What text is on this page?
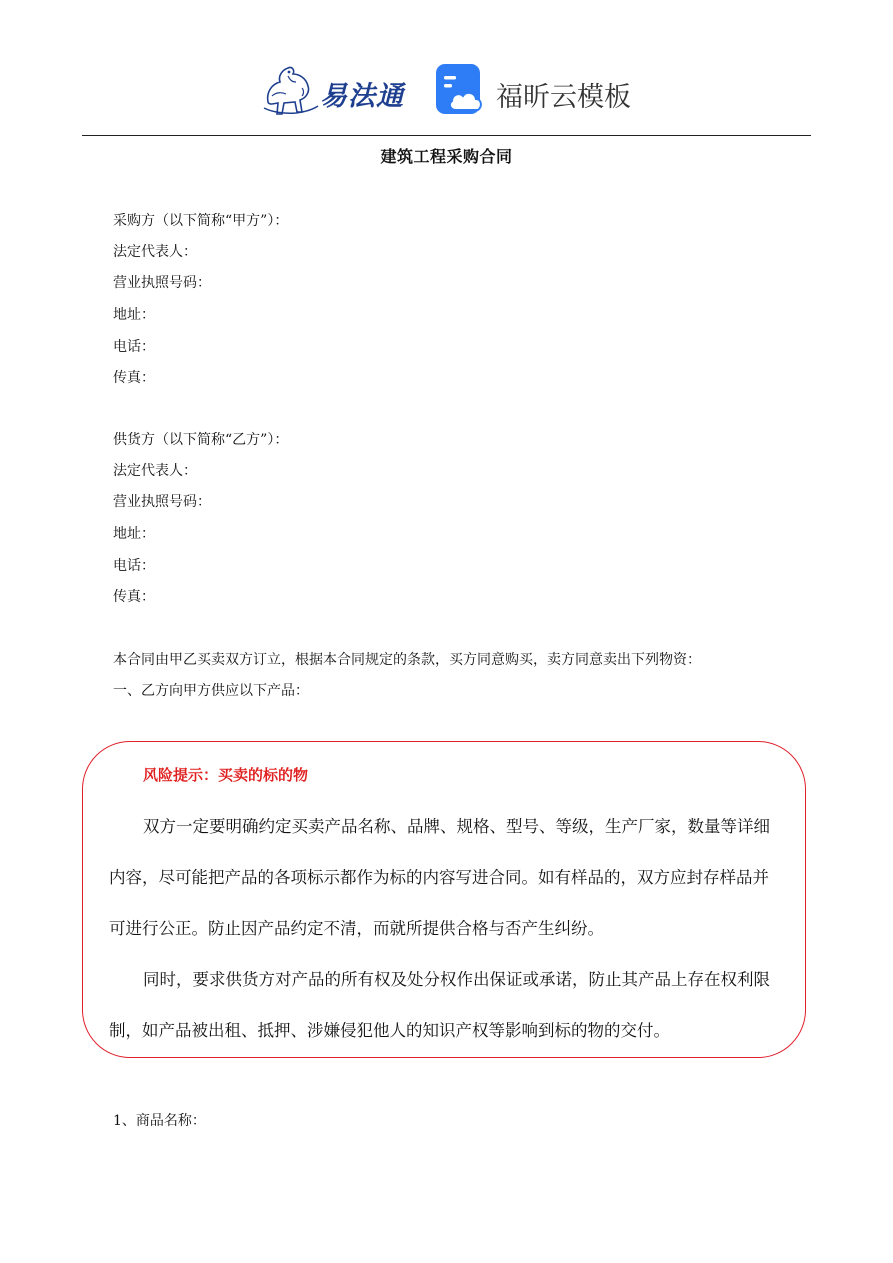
易法通	福昕云模板
建筑工程采购合同
采购方（以下简称“甲方”）：
法定代表人：
营业执照号码：
地址：
电话：
传真：
供货方（以下简称“乙方”）：
法定代表人：
营业执照号码：
地址：
电话：
传真：
本合同由甲乙买卖双方订立，根据本合同规定的条款，买方同意购买，卖方同意卖出下列物资：
一、乙方向甲方供应以下产品：
风险提示：买卖的标的物
双方一定要明确约定买卖产品名称、品牌、规格、型号、等级，生产厂家，数量等详细
内容，尽可能把产品的各项标示都作为标的内容写进合同。如有样品的，双方应封存样品并
可进行公正。防止因产品约定不清，而就所提供合格与否产生纠纷。
同时，要求供货方对产品的所有权及处分权作出保证或承诺，防止其产品上存在权利限
制，如产品被出租、抵押、涉嫌侵犯他人的知识产权等影响到标的物的交付。
1、商品名称：
